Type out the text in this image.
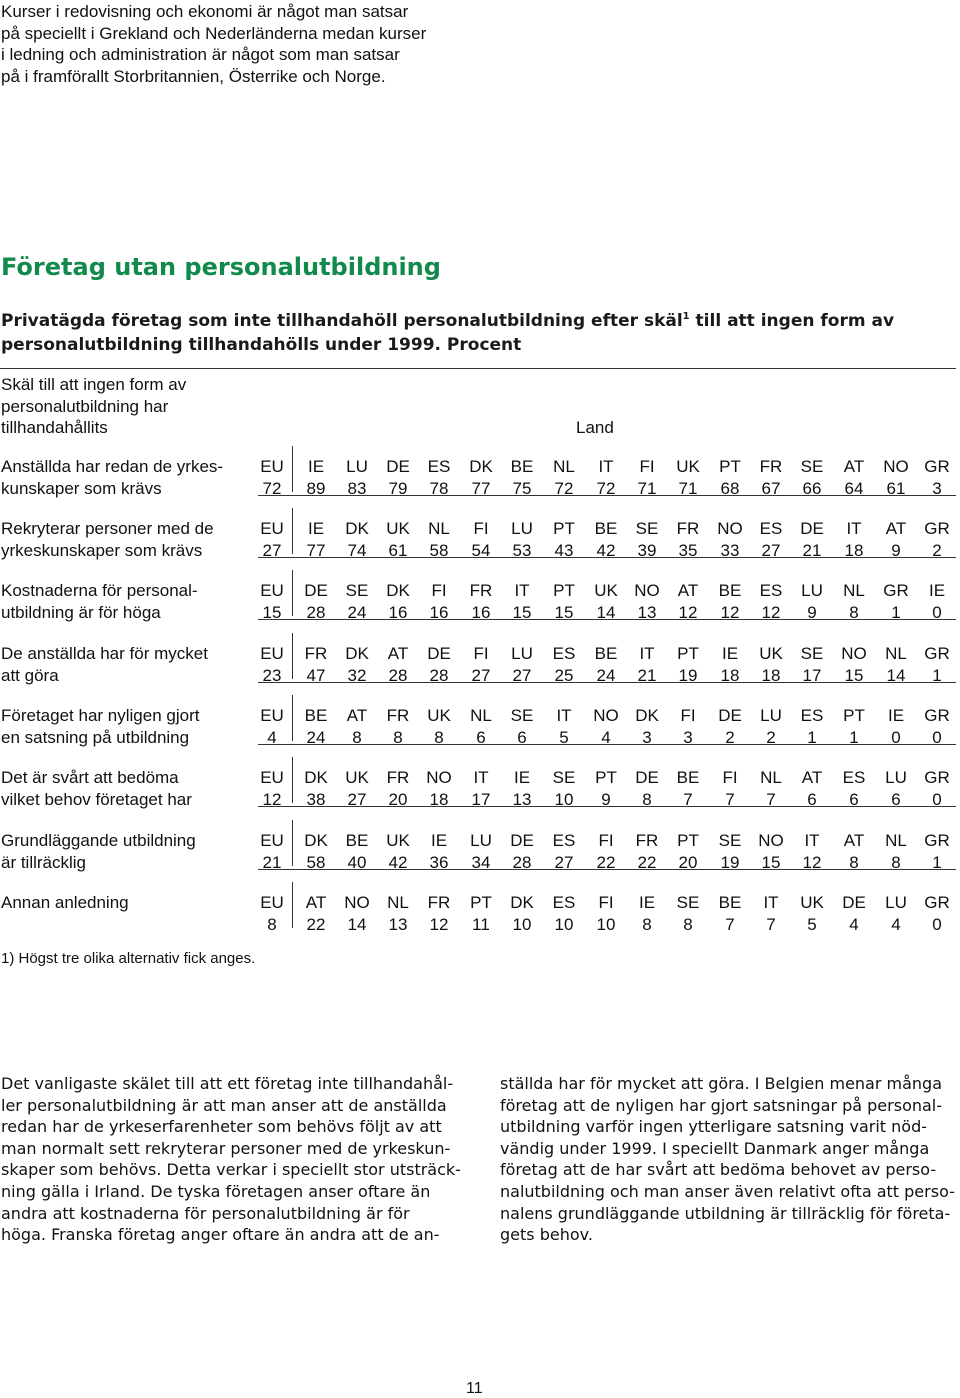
Kurser i redovisning och ekonomi är något man satsar
på speciellt i Grekland och Nederländerna medan kurser
i ledning och administration är något som man satsar
på i framförallt Storbritannien, Österrike och Norge.
Företag utan personalutbildning
Privatägda företag som inte tillhandahöll personalutbildning efter skäl$^1$ till att ingen form av
personalutbildning tillhandahölls under 1999. Procent
Skäl till att ingen form av
personalutbildning har
tillhandahållits	Land
Anställda har redan de yrkes-
kunskaper som krävs
EU	IE	LU	DE	ES	DK	BE	NL	IT	FI	UK	PT	FR	SE	AT	NO GR
72	89	83	79	78	77	75	72	72	71	71	68	67	66	64	61	3
Rekryterar personer med de
yrkeskunskaper som krävs
EU	IE	DK	UK	NL	FI	LU	PT	BE	SE	FR	NO ES	DE	IT	AT	GR
27	77	74	61	58	54	53	43	42	39	35	33	27	21	18	9	2
Kostnaderna för personal-
utbildning är för höga
EU	DE	SE	DK	FI	FR	IT	PT	UK NO	AT	BE	ES	LU	NL	GR	IE
15	28	24	16	16	16	15	15	14	13	12	12	12	9	8	1	0
De anställda har för mycket
att göra
EU	FR	DK	AT	DE	FI	LU	ES	BE	IT	PT	IE	UK	SE	NO	NL	GR
23	47	32	28	28	27	27	25	24	21	19	18	18	17	15	14	1
Företaget har nyligen gjort
en satsning på utbildning
EU	BE	AT	FR	UK	NL	SE	IT	NO DK	FI	DE	LU	ES	PT	IE	GR
4	24	8	8	8	6	6	5	4	3	3	2	2	1	1	0	0
Det är svårt att bedöma
vilket behov företaget har
EU	DK	UK	FR NO	IT	IE	SE	PT	DE	BE	FI	NL	AT	ES	LU	GR
12	38	27	20	18	17	13	10	9	8	7	7	7	6	6	6	0
Grundläggande utbildning
är tillräcklig
EU	DK	BE	UK	IE	LU	DE	ES	FI	FR	PT	SE NO	IT	AT	NL	GR
21	58	40	42	36	34	28	27	22	22	20	19	15	12	8	8	1
Annan anledning	EU	AT	NO	NL	FR	PT	DK	ES	FI	IE	SE	BE	IT	UK	DE	LU	GR
8	22	14	13	12	11	10	10	10	8	8	7	7	5	4	4	0
1) Högst tre olika alternativ fick anges.
Det vanligaste skälet till att ett företag inte tillhandahål-
ler personalutbildning är att man anser att de anställda
redan har de yrkeserfarenheter som behövs följt av att
man normalt sett rekryterar personer med de yrkeskun-
skaper som behövs. Detta verkar i speciellt stor utsträck-
ning gälla i Irland. De tyska företagen anser oftare än
andra att kostnaderna för personalutbildning är för
höga. Franska företag anger oftare än andra att de an-
ställda har för mycket att göra. I Belgien menar många
företag att de nyligen har gjort satsningar på personal-
utbildning varför ingen ytterligare satsning varit nöd-
vändig under 1999. I speciellt Danmark anger många
företag att de har svårt att bedöma behovet av perso-
nalutbildning och man anser även relativt ofta att perso-
nalens grundläggande utbildning är tillräcklig för företa-
gets behov.
11
